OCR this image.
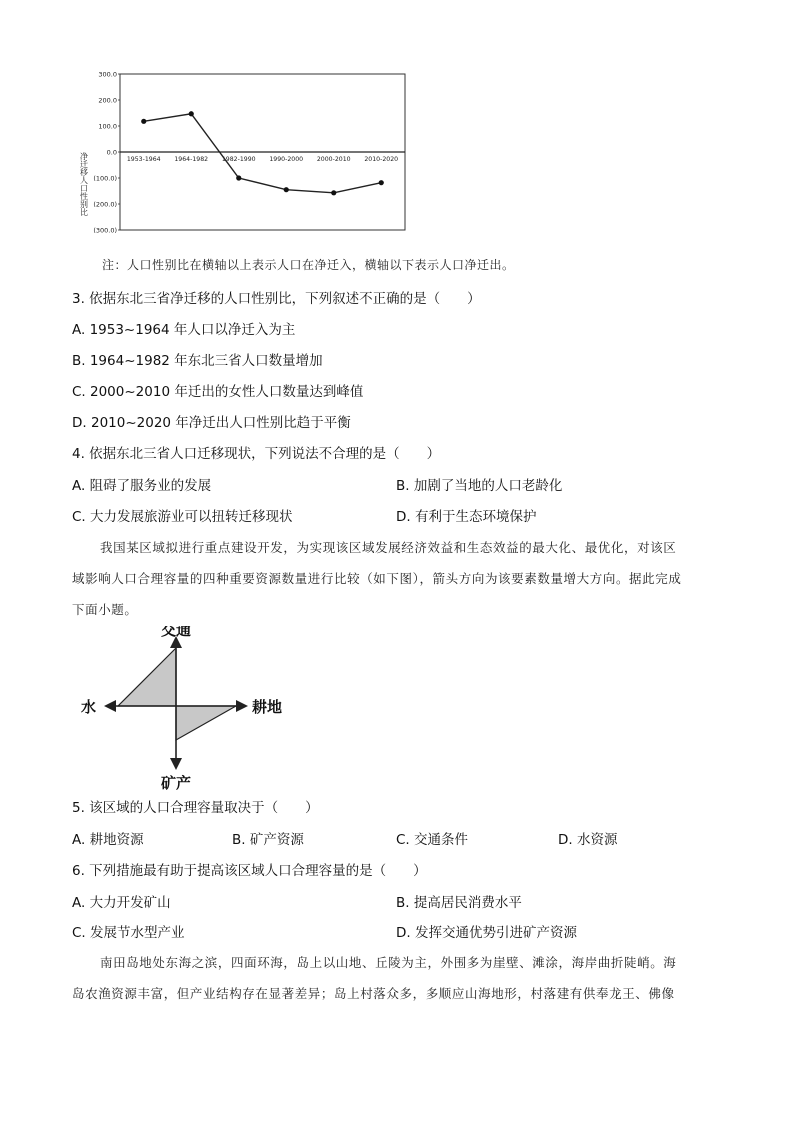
300.0
200.0
100.0
0.0
(100.0)
(200.0)
(300.0)
1953-1964 1964-1982 1982-1990 1990-2000 2000-2010 2010-2020
净迁移人口性别比
注：人口性别比在横轴以上表示人口在净迁入，横轴以下表示人口净迁出。
3. 依据东北三省净迁移的人口性别比，下列叙述不正确的是（　　）
A. 1953~1964 年人口以净迁入为主
B. 1964~1982 年东北三省人口数量增加
C. 2000~2010 年迁出的女性人口数量达到峰值
D. 2010~2020 年净迁出人口性别比趋于平衡
4. 依据东北三省人口迁移现状，下列说法不合理的是（　　）
A. 阻碍了服务业的发展	B. 加剧了当地的人口老龄化
C. 大力发展旅游业可以扭转迁移现状	D. 有利于生态环境保护
我国某区域拟进行重点建设开发，为实现该区域发展经济效益和生态效益的最大化、最优化，对该区
域影响人口合理容量的四种重要资源数量进行比较（如下图），箭头方向为该要素数量增大方向。据此完成
下面小题。
交通
水	耕地
矿产
5. 该区域的人口合理容量取决于（　　）
A. 耕地资源	B. 矿产资源	C. 交通条件	D. 水资源
6. 下列措施最有助于提高该区域人口合理容量的是（　　）
A. 大力开发矿山	B. 提高居民消费水平
C. 发展节水型产业	D. 发挥交通优势引进矿产资源
南田岛地处东海之滨，四面环海，岛上以山地、丘陵为主，外围多为崖壁、滩涂，海岸曲折陡峭。海
岛农渔资源丰富，但产业结构存在显著差异；岛上村落众多，多顺应山海地形，村落建有供奉龙王、佛像
